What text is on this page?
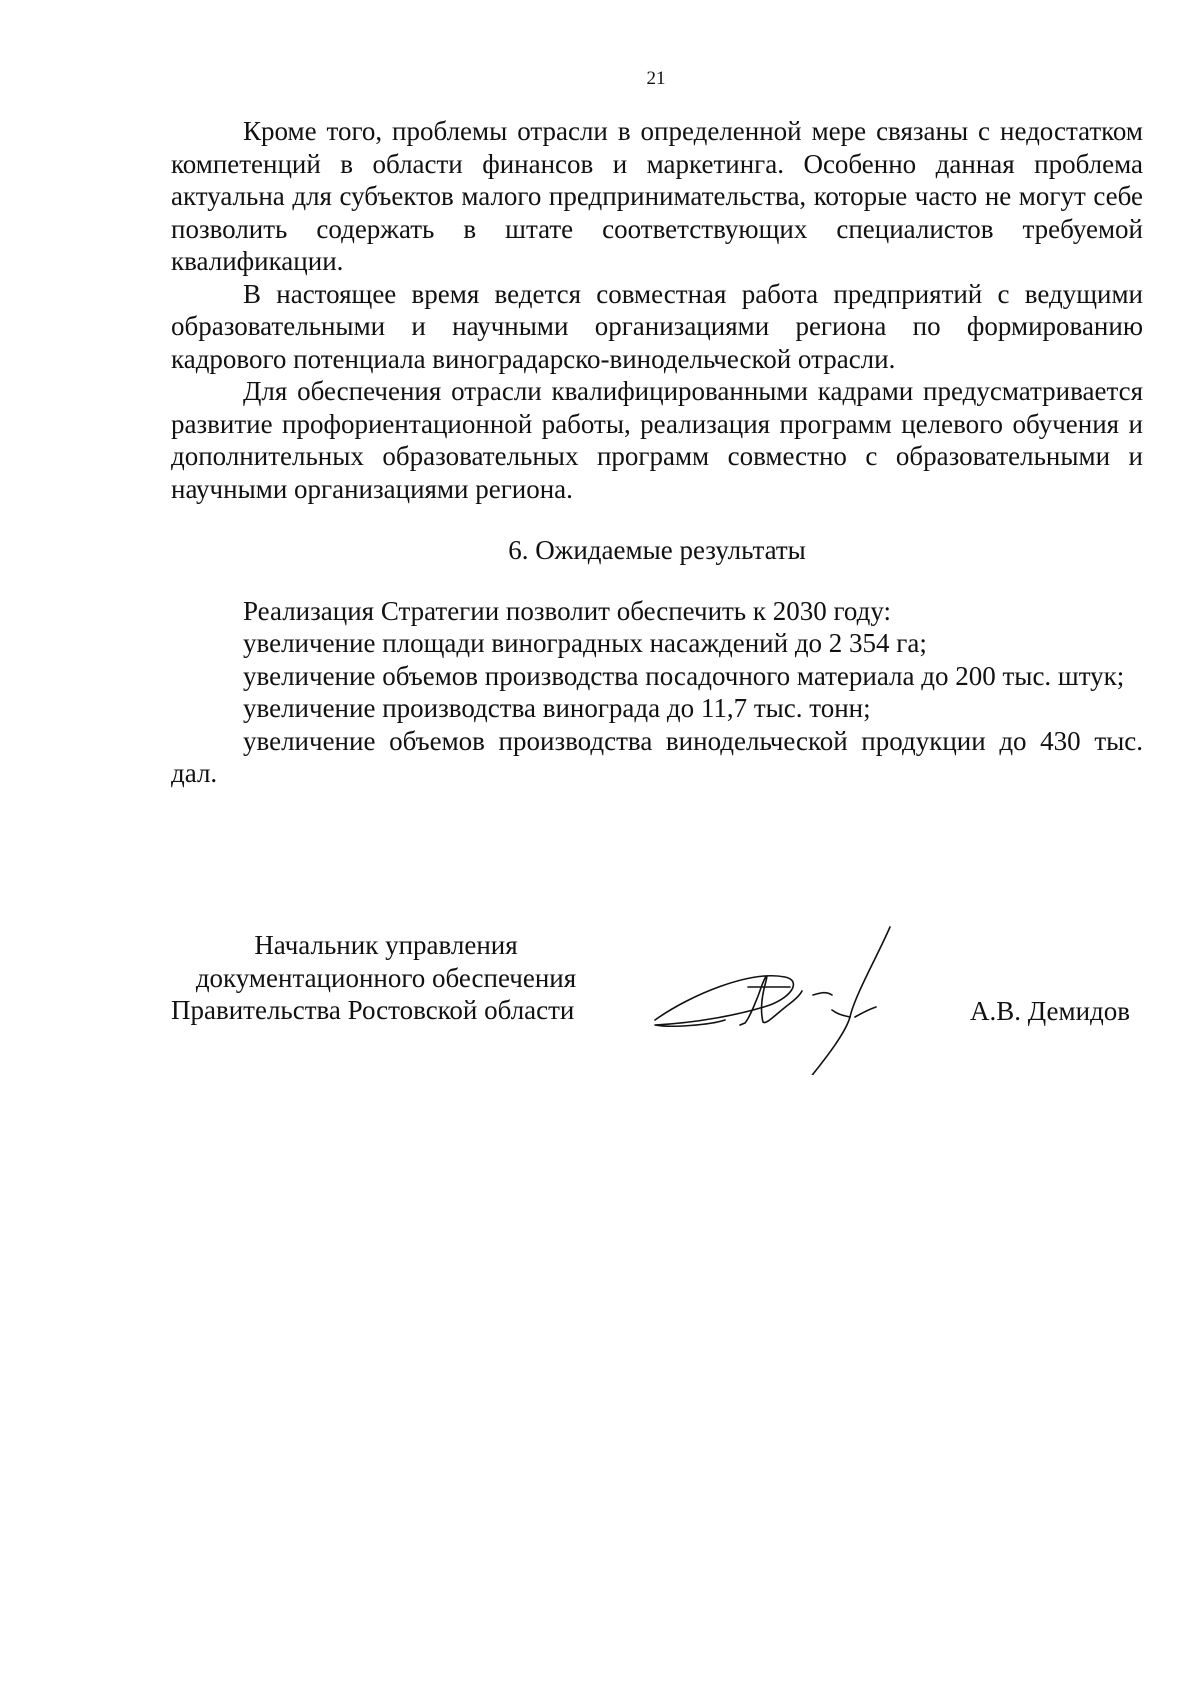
21

Кроме того, проблемы отрасли в определенной мере связаны с недостатком компетенций в области финансов и маркетинга. Особенно данная проблема актуальна для субъектов малого предпринимательства, которые часто не могут себе позволить содержать в штате соответствующих специалистов требуемой квалификации.

В настоящее время ведется совместная работа предприятий с ведущими образовательными и научными организациями региона по формированию кадрового потенциала виноградарско-винодельческой отрасли.

Для обеспечения отрасли квалифицированными кадрами предусматривается развитие профориентационной работы, реализация программ целевого обучения и дополнительных образовательных программ совместно с образовательными и научными организациями региона.

6. Ожидаемые результаты

Реализация Стратегии позволит обеспечить к 2030 году:

увеличение площади виноградных насаждений до 2 354 га;

увеличение объемов производства посадочного материала до 200 тыс. штук;

увеличение производства винограда до 11,7 тыс. тонн;

увеличение объемов производства винодельческой продукции до 430 тыс. дал.

Начальник управления
документационного обеспечения
Правительства Ростовской области	А.В. Демидов
